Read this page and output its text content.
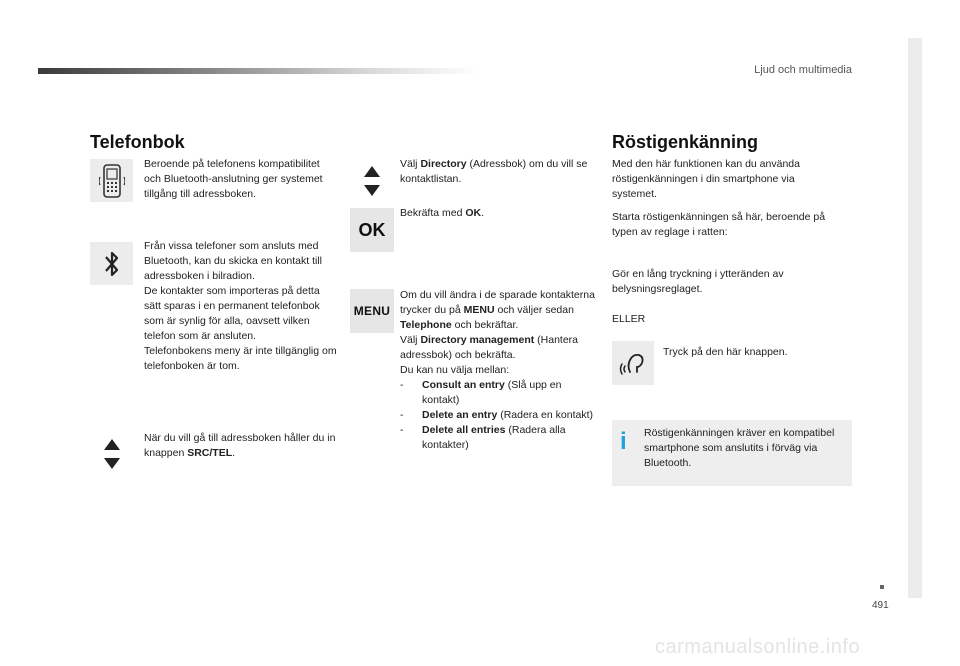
Ljud och multimedia
Telefonbok
Beroende på telefonens kompatibilitet och Bluetooth-anslutning ger systemet tillgång till adressboken.
Från vissa telefoner som ansluts med Bluetooth, kan du skicka en kontakt till adressboken i bilradion.
De kontakter som importeras på detta sätt sparas i en permanent telefonbok som är synlig för alla, oavsett vilken telefon som är ansluten.
Telefonbokens meny är inte tillgänglig om telefonboken är tom.
När du vill gå till adressboken håller du in knappen SRC/TEL.
Välj Directory (Adressbok) om du vill se kontaktlistan.
OK
Bekräfta med OK.
MENU
Om du vill ändra i de sparade kontakterna trycker du på MENU och väljer sedan Telephone och bekräftar.
Välj Directory management (Hantera adressbok) och bekräfta.
Du kan nu välja mellan:
- Consult an entry (Slå upp en kontakt)
- Delete an entry (Radera en kontakt)
- Delete all entries (Radera alla kontakter)
Röstigenkänning
Med den här funktionen kan du använda röstigenkänningen i din smartphone via systemet.
Starta röstigenkänningen så här, beroende på typen av reglage i ratten:
Gör en lång tryckning i ytteränden av belysningsreglaget.
ELLER
Tryck på den här knappen.
i Röstigenkänningen kräver en kompatibel smartphone som anslutits i förväg via Bluetooth.
491
carmanualsonline.info
